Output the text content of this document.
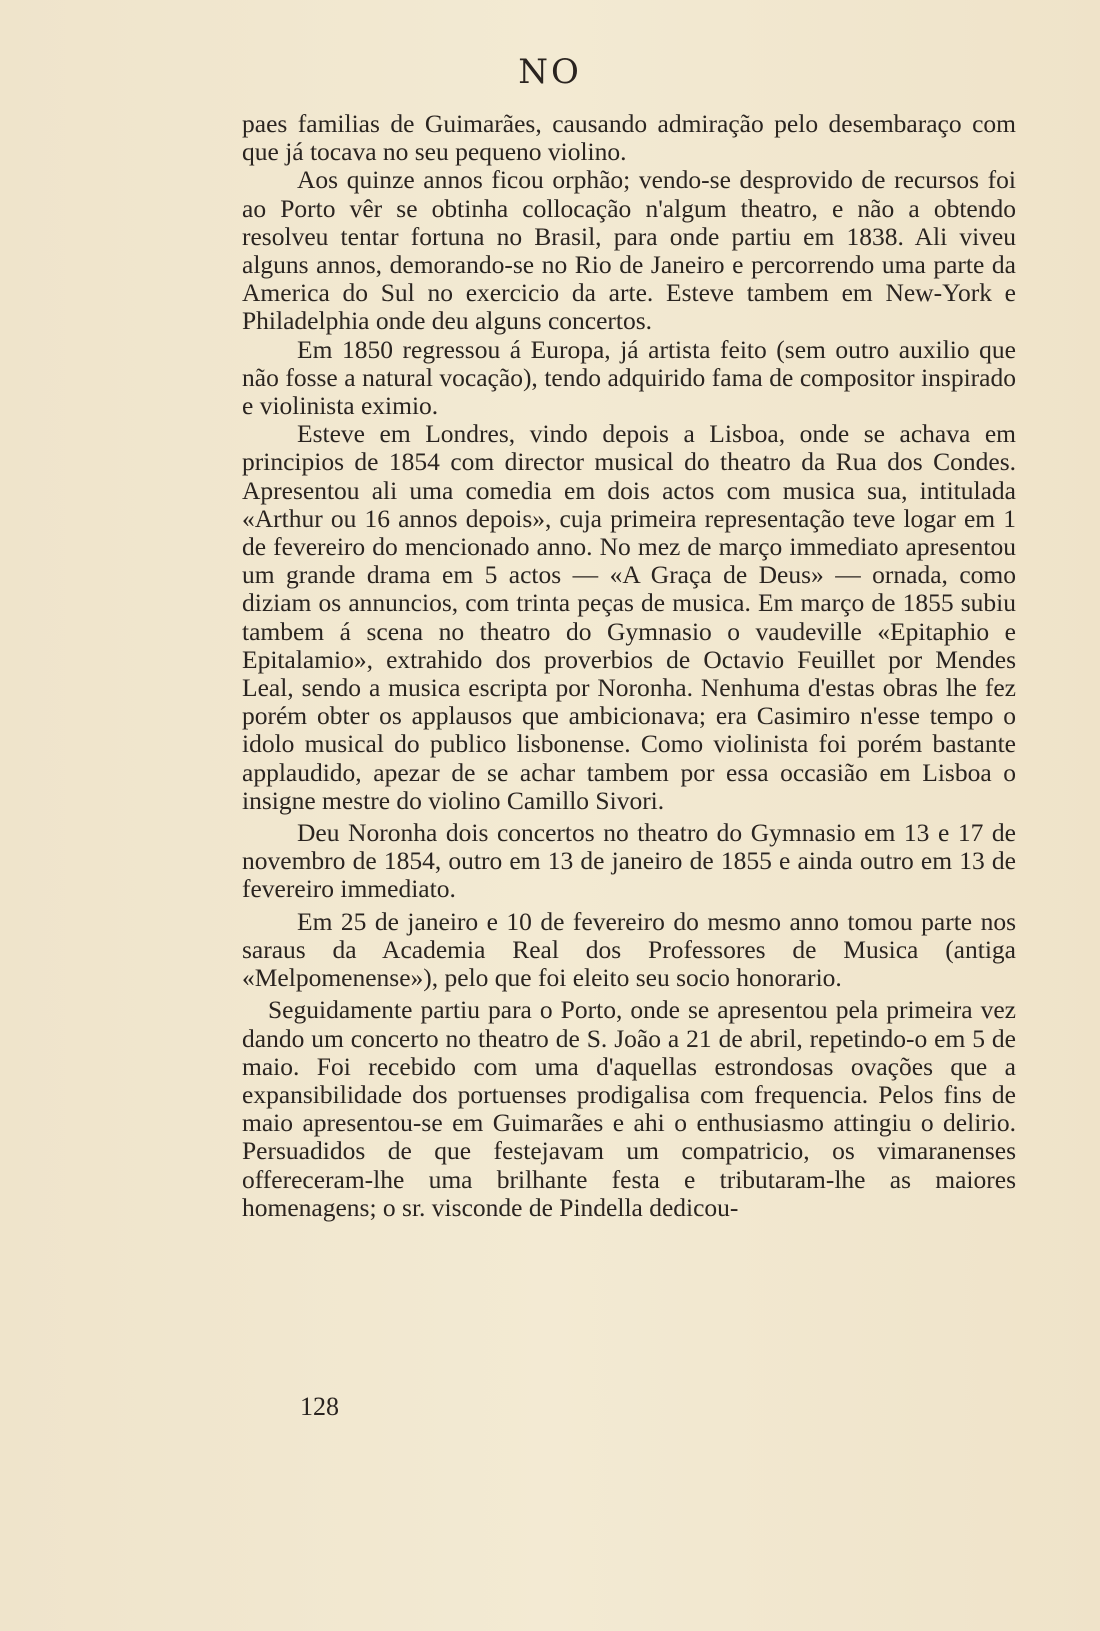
NO

paes familias de Guimarães, causando admiração pelo desembaraço com que já tocava no seu pequeno violino.

Aos quinze annos ficou orphão; vendo-se desprovido de recursos foi ao Porto vêr se obtinha collocação n'algum theatro, e não a obtendo resolveu tentar fortuna no Brasil, para onde partiu em 1838. Ali viveu alguns annos, demorando-se no Rio de Janeiro e percorrendo uma parte da America do Sul no exercicio da arte. Esteve tambem em New-York e Philadelphia onde deu alguns concertos.

Em 1850 regressou á Europa, já artista feito (sem outro auxilio que não fosse a natural vocação), tendo adquirido fama de compositor inspirado e violinista eximio.

Esteve em Londres, vindo depois a Lisboa, onde se achava em principios de 1854 com director musical do theatro da Rua dos Condes. Apresentou ali uma comedia em dois actos com musica sua, intitulada «Arthur ou 16 annos depois», cuja primeira representação teve logar em 1 de fevereiro do mencionado anno. No mez de março immediato apresentou um grande drama em 5 actos — «A Graça de Deus» — ornada, como diziam os annuncios, com trinta peças de musica. Em março de 1855 subiu tambem á scena no theatro do Gymnasio o vaudeville «Epitaphio e Epitalamio», extrahido dos proverbios de Octavio Feuillet por Mendes Leal, sendo a musica escripta por Noronha. Nenhuma d'estas obras lhe fez porém obter os applausos que ambicionava; era Casimiro n'esse tempo o idolo musical do publico lisbonense. Como violinista foi porém bastante applaudido, apezar de se achar tambem por essa occasião em Lisboa o insigne mestre do violino Camillo Sivori.

Deu Noronha dois concertos no theatro do Gymnasio em 13 e 17 de novembro de 1854, outro em 13 de janeiro de 1855 e ainda outro em 13 de fevereiro immediato.

Em 25 de janeiro e 10 de fevereiro do mesmo anno tomou parte nos saraus da Academia Real dos Professores de Musica (antiga «Melpomenense»), pelo que foi eleito seu socio honorario.

Seguidamente partiu para o Porto, onde se apresentou pela primeira vez dando um concerto no theatro de S. João a 21 de abril, repetindo-o em 5 de maio. Foi recebido com uma d'aquellas estrondosas ovações que a expansibilidade dos portuenses prodigalisa com frequencia. Pelos fins de maio apresentou-se em Guimarães e ahi o enthusiasmo attingiu o delirio. Persuadidos de que festejavam um compatricio, os vimaranenses offereceram-lhe uma brilhante festa e tributaram-lhe as maiores homenagens; o sr. visconde de Pindella dedicou-

128
